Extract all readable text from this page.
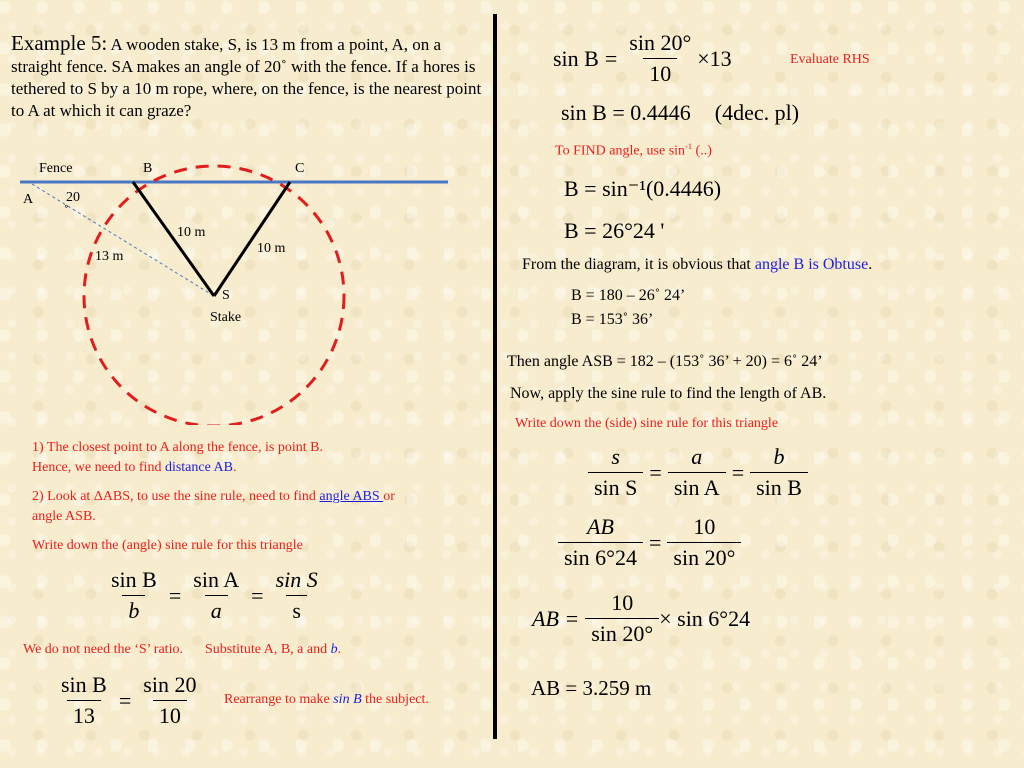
Example 5: A wooden stake, S, is 13 m from a point, A, on a straight fence. SA makes an angle of 20˚ with the fence. If a hores is tethered to S by a 10 m rope, where, on the fence, is the nearest point to A at which it can graze?
Fence	B	C
A 20
˚
13 m
10 m
10 m
S
Stake
1) The closest point to A along the fence, is point B.
Hence, we need to find distance AB.
2) Look at ΔABS, to use the sine rule, need to find angle ABS or
angle ASB.
Write down the (angle) sine rule for this triangle
$\frac{\text{sin B}}{b} = \frac{\text{sin A}}{a} = \frac{\text{sin S}}{s}$
We do not need the ‘S’ ratio. Substitute A, B, a and b.
$\frac{\text{sin B}}{13} = \frac{\sin 20}{10}$ Rearrange to make sin B the subject.
$\sin B = \frac{\sin 20^\circ}{10} \times 13$	Evaluate RHS
sin B = 0.4446 (4dec. pl)
To FIND angle, use $\sin^{-1}$ (..)
B = sin⁻¹(0.4446)
B = 26°24 '
From the diagram, it is obvious that angle B is Obtuse.
B = 180 – 26˚ 24’
B = 153˚ 36’
Then angle ASB = 182 – (153˚ 36’ + 20) = 6˚ 24’
Now, apply the sine rule to find the length of AB.
Write down the (side) sine rule for this triangle
$\frac{s}{\text{sin S}} = \frac{a}{\text{sin A}} = \frac{b}{\text{sin B}}$
$\frac{AB}{\sin 6^\circ 24} = \frac{10}{\sin 20^\circ}$
AB = $\frac{10}{\sin 20^\circ} \times \sin 6^\circ 24$
AB = 3.259 m
